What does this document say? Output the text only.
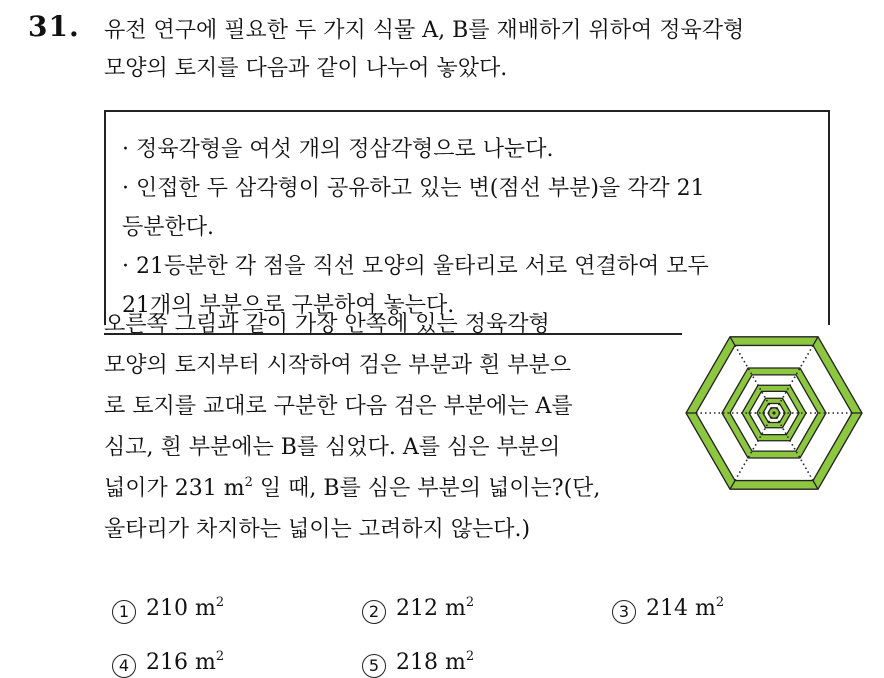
31. 유전 연구에 필요한 두 가지 식물 A, B를 재배하기 위하여 정육각형
모양의 토지를 다음과 같이 나누어 놓았다.
· 정육각형을 여섯 개의 정삼각형으로 나눈다.
· 인접한 두 삼각형이 공유하고 있는 변(점선 부분)을 각각 21
등분한다.
· 21등분한 각 점을 직선 모양의 울타리로 서로 연결하여 모두
21개의 부분으로 구분하여 놓는다.
오른쪽 그림과 같이 가장 안쪽에 있는 정육각형
모양의 토지부터 시작하여 검은 부분과 흰 부분으
로 토지를 교대로 구분한 다음 검은 부분에는 A를
심고, 흰 부분에는 B를 심었다. A를 심은 부분의
넓이가 231 $m^2$ 일 때, B를 심은 부분의 넓이는?(단,
울타리가 차지하는 넓이는 고려하지 않는다.)
1 210 $m^2$	2 212 $m^2$	3 214 $m^2$
4 216 $m^2$	5 218 $m^2$
